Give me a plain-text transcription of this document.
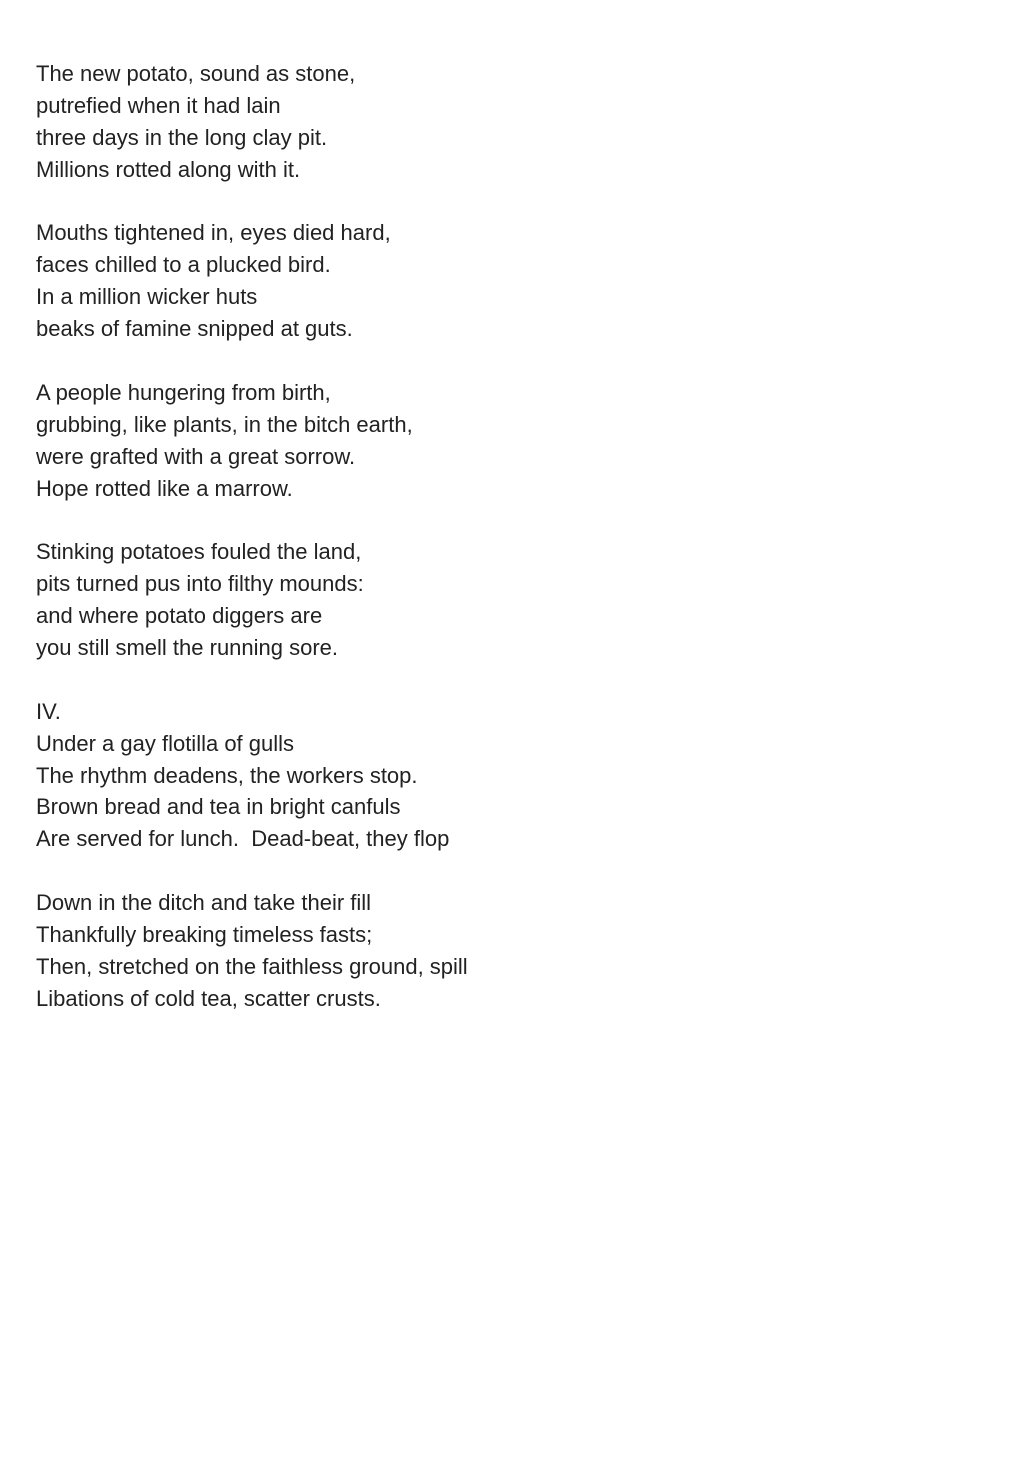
The new potato, sound as stone,
putrefied when it had lain
three days in the long clay pit.
Millions rotted along with it.
Mouths tightened in, eyes died hard,
faces chilled to a plucked bird.
In a million wicker huts
beaks of famine snipped at guts.
A people hungering from birth,
grubbing, like plants, in the bitch earth,
were grafted with a great sorrow.
Hope rotted like a marrow.
Stinking potatoes fouled the land,
pits turned pus into filthy mounds:
and where potato diggers are
you still smell the running sore.
IV.
Under a gay flotilla of gulls
The rhythm deadens, the workers stop.
Brown bread and tea in bright canfuls
Are served for lunch.  Dead-beat, they flop
Down in the ditch and take their fill
Thankfully breaking timeless fasts;
Then, stretched on the faithless ground, spill
Libations of cold tea, scatter crusts.
